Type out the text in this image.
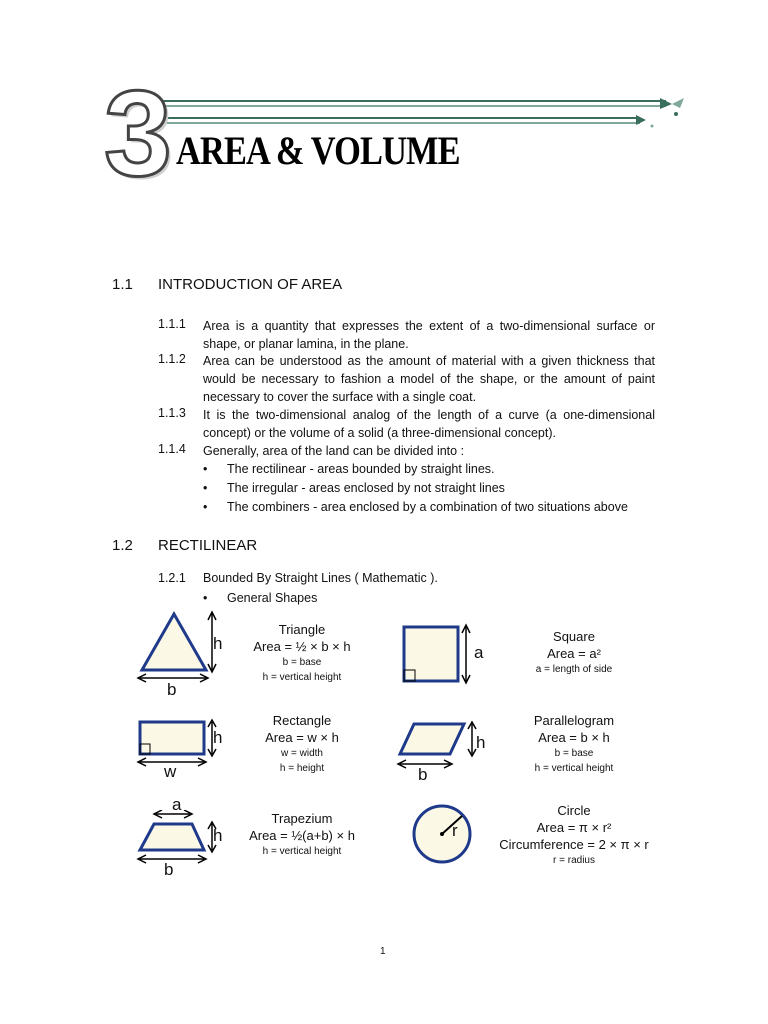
3 AREA & VOLUME
1.1 INTRODUCTION OF AREA
1.1.1 Area is a quantity that expresses the extent of a two-dimensional surface or shape, or planar lamina, in the plane.
1.1.2 Area can be understood as the amount of material with a given thickness that would be necessary to fashion a model of the shape, or the amount of paint necessary to cover the surface with a single coat.
1.1.3 It is the two-dimensional analog of the length of a curve (a one-dimensional concept) or the volume of a solid (a three-dimensional concept).
1.1.4 Generally, area of the land can be divided into :
• The rectilinear - areas bounded by straight lines.
• The irregular - areas enclosed by not straight lines
• The combiners - area enclosed by a combination of two situations above
1.2 RECTILINEAR
1.2.1 Bounded By Straight Lines ( Mathematic ).
• General Shapes
h
b
Triangle
Area = ½ × b × h
b = base
h = vertical height
a
Square
Area = a²
a = length of side
h
w
Rectangle
Area = w × h
w = width
h = height
h
b
Parallelogram
Area = b × h
b = base
h = vertical height
a
h
b
Trapezium
Area = ½(a+b) × h
h = vertical height
r
Circle
Area = π × r²
Circumference = 2 × π × r
r = radius
1
